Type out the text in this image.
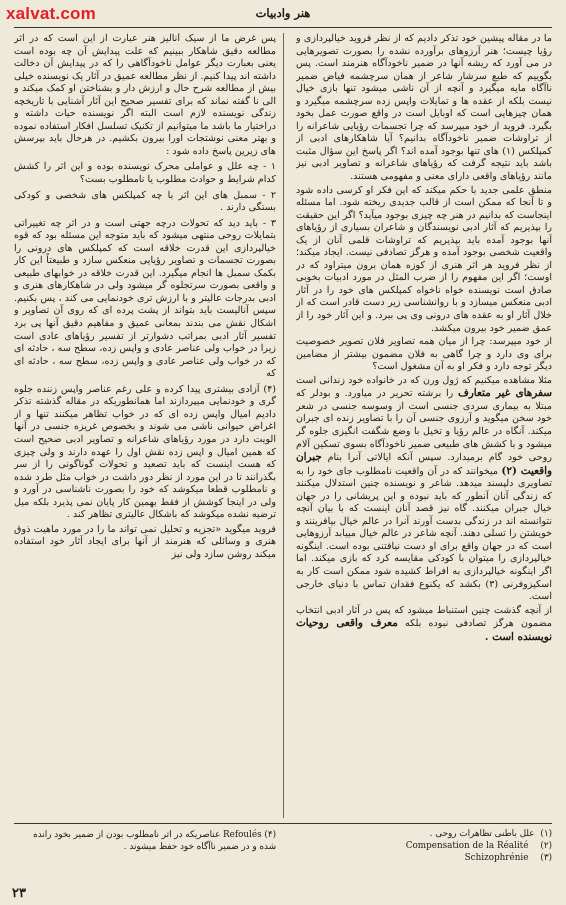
xalvat.com	هنر وادبیات

ما در مقاله پیشین خود تذکر دادیم که از نظر فروید خیالپردازی و رؤیا چیست؛ هنر آرزوهای برآورده نشده را بصورت تصویرهایی در می آورد که ریشه آنها در ضمیر ناخودآگاه هنرمند است. پس بگوییم که طبع سرشار شاعر از همان سرچشمه فیاض ضمیر ناآگاه مایه میگیرد و آنچه از آن ناشی میشود تنها بازی خیال نیست بلکه از عقده ها و تمایلات واپس زده سرچشمه میگیرد و همان چیزهایی است که اوبایل است در واقع صورت عمل بخود بگیرد. فروید از خود میپرسد که چرا تجسمات رؤیایی شاعرانه را از تراوشات ضمیر ناخودآگاه بدانیم؟ آیا شاهکارهای ادبی از کمپلکس (۱) های تنها بوجود آمده اند؟ اگر پاسخ این سؤال مثبت باشد باید نتیجه گرفت که رؤیاهای شاعرانه و تصاویر ادبی نیز مانند رؤیاهای واقعی دارای معنی و مفهومی هستند.

منطق علمی جدید با حکم میکند که این فکر او کرسی داده شود و تا آنجا که ممکن است از قالب جدیدی ریخته شود. اما مسئله اینجاست که بدانیم در هنر چه چیزی بوجود میآید؟ اگر این حقیقت را بپذیریم که آثار ادبی نویسندگان و شاعران بسیاری از رؤیاهای آنها بوجود آمده باید بپذیریم که تراوشات قلمی آنان از یک واقعیت شخصی بوجود آمده و هرگز تصادفی نیست. ایجاد میکند؛ از نظر فروید هر اثر هنری از کوزه همان برون میتراود که در اوست؛ اگر این مفهوم را از ضرب المثل در مورد ادبیات بخوبی صادق است نویسنده خواه ناخواه کمپلکس های خود را در آثار ادبی منعکس میسازد و با روانشناسی زیر دست قادر است که از خلال آثار او به عقده های درونی وی پی ببرد. و این آثار خود را از عمق ضمیر خود بیرون میکشد.

از خود میپرسد: چرا از میان همه تصاویر فلان تصویر خصوصیت برای وی دارد و چرا گاهی به فلان مضمون بیشتر از مضامین دیگر توجه دارد و فکر او به آن مشغول است؟

مثلا مشاهده میکنیم که ژول ورن که در خانواده خود زندانی است سفرهای غیر متعارف را برشته تحریر در میاورد. و بودلر که مبتلا به بیماری سردی جنسی است از وسوسه جنسی در شعر خود سخن میگوید و آرزوی جنسی آن را با تصاویر زنده ای جبران میکند. آنگاه در عالم رؤیا و تخیل با وضع شگفت انگیزی جلوه گر میشود و با کشش های طبیعی ضمیر ناخودآگاه بسوی تسکین آلام روحی خود گام برمیدارد. سپس آنکه ایالاتی آنرا بنام جبران واقعیت (۲) میخوانند که در آن واقعیت نامطلوب جای خود را به تصاویری دلپسند میدهد. شاعر و نویسنده چنین استدلال میکنند که زندگی آنان آنطور که باید نبوده و این پریشانی را در جهان خیال جبران میکنند. گاه نیز قصد آنان اینست که با بیان آنچه نتوانسته اند در زندگی بدست آورند آنرا در عالم خیال بیافرینند و خویشتن را تسلی دهند. آنچه شاعر در عالم خیال مییابد آرزوهایی است که در جهان واقع برای او دست نیافتنی بوده است. اینگونه خیالپردازی را میتوان با کودکی مقایسه کرد که بازی میکند. اما اگر اینگونه خیالپردازی به افراط کشیده شود ممکن است کار به اسکیزوفرنی (۳) بکشد که یکنوع فقدان تماس با دنیای خارجی است.

از آنچه گذشت چنین استنباط میشود که پس در آثار ادبی انتخاب مضمون هرگز تصادفی نبوده بلکه معرف واقعی روحیات نویسنده است .

پس غرض ما از سیک آنالیز هنر عبارت از این است که در اثر مطالعه دقیق شاهکار ببینیم که علت پیدایش آن چه بوده است یعنی بعبارت دیگر عوامل ناخودآگاهی را که در پیدایش آن دخالت داشته اند پیدا کنیم. از نظر مطالعه عمیق در آثار یک نویسنده خیلی بیش از مطالعه شرح حال و ارزش دار و بشناختن او کمک میکند و الی نا گفته نماند که برای تفسیر صحیح این آثار آشنایی با تاریخچه زندگی نویسنده لازم است البته اگر نویسنده حیات داشته و دراختیار ما باشد ما میتوانیم از تکنیک تسلسل افکار استفاده نموده و بهتر معنی نوشتجات اورا بیرون بکشیم. در هرحال باید بپرسش های زیرین پاسخ داده شود :

۱ - چه علل و عواملی محرک نویسنده بوده و این اثر را کشش کدام شرایط و حوادث مطلوب یا نامطلوب بست؟

۲ - سمبل های این اثر با چه کمپلکس های شخصی و کودکی بستگی دارند .

۳ - باید دید که تحولات درچه جهتی است و در اثر چه تغییراتی بتمایلات روحی منتهی میشود که باید متوجه این مسئله بود که قوه خیالپردازی این قدرت خلاقه است که کمپلکس های درونی را بصورت تجسمات و تصاویر رؤیایی منعکس سازد و طبیعتاً این کار بکمک سمبل ها انجام میگیرد. این قدرت خلاقه در خوابهای طبیعی و واقعی بصورت سرتجلوه گر میشود ولی در شاهکارهای هنری و ادبی بدرجات عالیتر و با ارزش تری خودنمایی می کند ، پس بکنیم. سپس آنالیست باید بتواند از پشت پرده ای که روی آن تصاویر و اشکال نقش می بندند بمعانی عمیق و مفاهیم دقیق آنها پی برد تفسیر آثار ادبی بمراتب دشوارتر از تفسیر رؤیاهای عادی است زیرا در خواب ولی عناصر عادی و واپس زده، سطح سه ، حادثه ای که در خواب ولی عناصر عادی و واپس زده، سطح سه ، حادثه ای که

(۴) آزادی بیشتری پیدا کرده و علی رغم عناصر واپس زننده جلوه گری و خودنمایی میپردازند اما همانطوریکه در مقاله گذشته تذکر دادیم امیال واپس زده ای که در خواب تظاهر میکنند تنها و از اغراض حیوانی ناشی می شوند و بخصوص غریزه جنسی در آنها الویت دارد در مورد رؤیاهای شاعرانه و تصاویر ادبی صحیح است که همین امیال و اپس زده نقش اول را عهده دارند و ولی چیزی که هست اینست که باید تصعید و تحولات گوناگونی را از سر بگذرانند تا در این مورد از نظر دور داشت در خواب مثل طرد شده و نامطلوب قطعا میکوشد که خود را بصورت ناشناسی در آورد و ولی در اینجا کوشش از فقط بهمین کار پایان نمی پذیرد بلکه میل ترضیه نشده میکوشد که باشکال عالیتری تظاهر کند .

فروید میگوید «تجزیه و تحلیل نمی تواند ما را در مورد ماهیت ذوق هنری و وسائلی که هنرمند از آنها برای ایجاد آثار خود استفاده میکند روشن سازد ولی نیز

(۴) Refoulés عناصریکه در اثر نامطلوب بودن از ضمیر بخود رانده شده و در ضمیر ناآگاه خود حفظ میشوند .
علل باطنی تظاهرات روحی . (۱)
Compensation de la Réalité (۲)
Schizophrénie (۳)
۲۳
